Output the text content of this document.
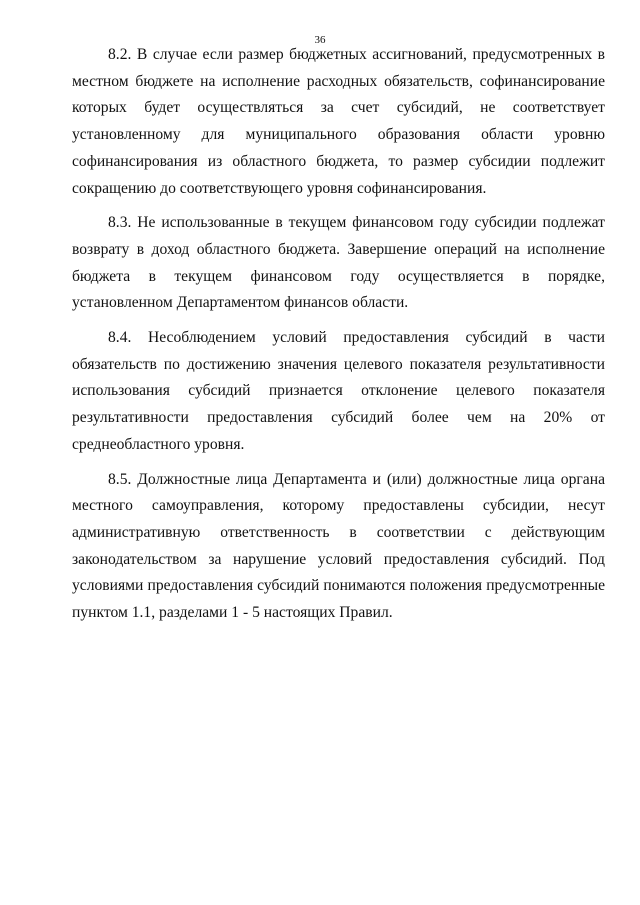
36

8.2. В случае если размер бюджетных ассигнований, предусмотренных в местном бюджете на исполнение расходных обязательств, софинансирование которых будет осуществляться за счет субсидий, не соответствует установленному для муниципального образования области уровню софинансирования из областного бюджета, то размер субсидии подлежит сокращению до соответствующего уровня софинансирования.

8.3. Не использованные в текущем финансовом году субсидии подлежат возврату в доход областного бюджета. Завершение операций на исполнение бюджета в текущем финансовом году осуществляется в порядке, установленном Департаментом финансов области.

8.4. Несоблюдением условий предоставления субсидий в части обязательств по достижению значения целевого показателя результативности использования субсидий признается отклонение целевого показателя результативности предоставления субсидий более чем на 20% от среднеобластного уровня.

8.5. Должностные лица Департамента и (или) должностные лица органа местного самоуправления, которому предоставлены субсидии, несут административную ответственность в соответствии с действующим законодательством за нарушение условий предоставления субсидий. Под условиями предоставления субсидий понимаются положения предусмотренные пунктом 1.1, разделами 1 - 5 настоящих Правил.
